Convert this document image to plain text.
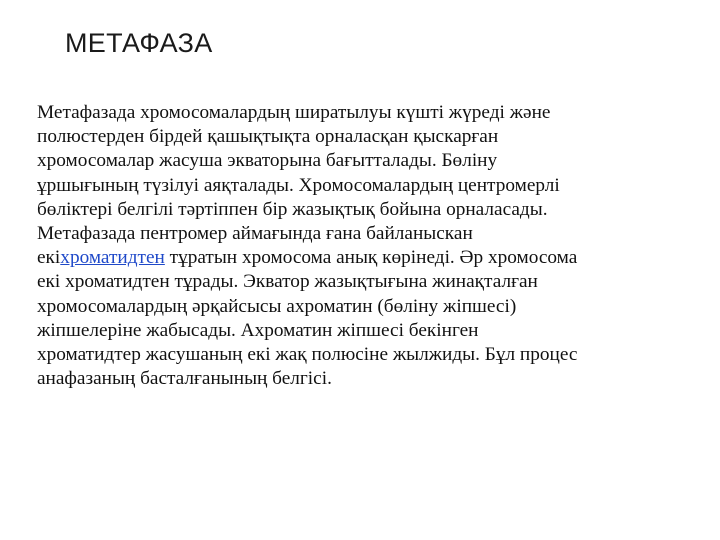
МЕТАФАЗА
Метафазада хромосомалардың ширатылуы күшті жүреді және
полюстерден бірдей қашықтықта орналасқан қыскарған
хромосомалар жасуша экваторына бағытталады. Бөліну
ұршығының түзілуі аяқталады. Хромосомалардың центромерлі
бөліктері белгілі тәртіппен бір жазықтық бойына орналасады.
Метафазада пентромер аймағында ғана байланыскан
екіхроматидтен тұратын хромосома анық көрінеді. Әр хромосома
екі хроматидтен тұрады. Экватор жазықтығына жинақталған
хромосомалардың әрқайсысы ахроматин (бөліну жіпшесі)
жіпшелеріне жабысады. Ахроматин жіпшесі бекінген
хроматидтер жасушаның екі жақ полюсіне жылжиды. Бұл процес
анафазаның басталғанының белгісі.
